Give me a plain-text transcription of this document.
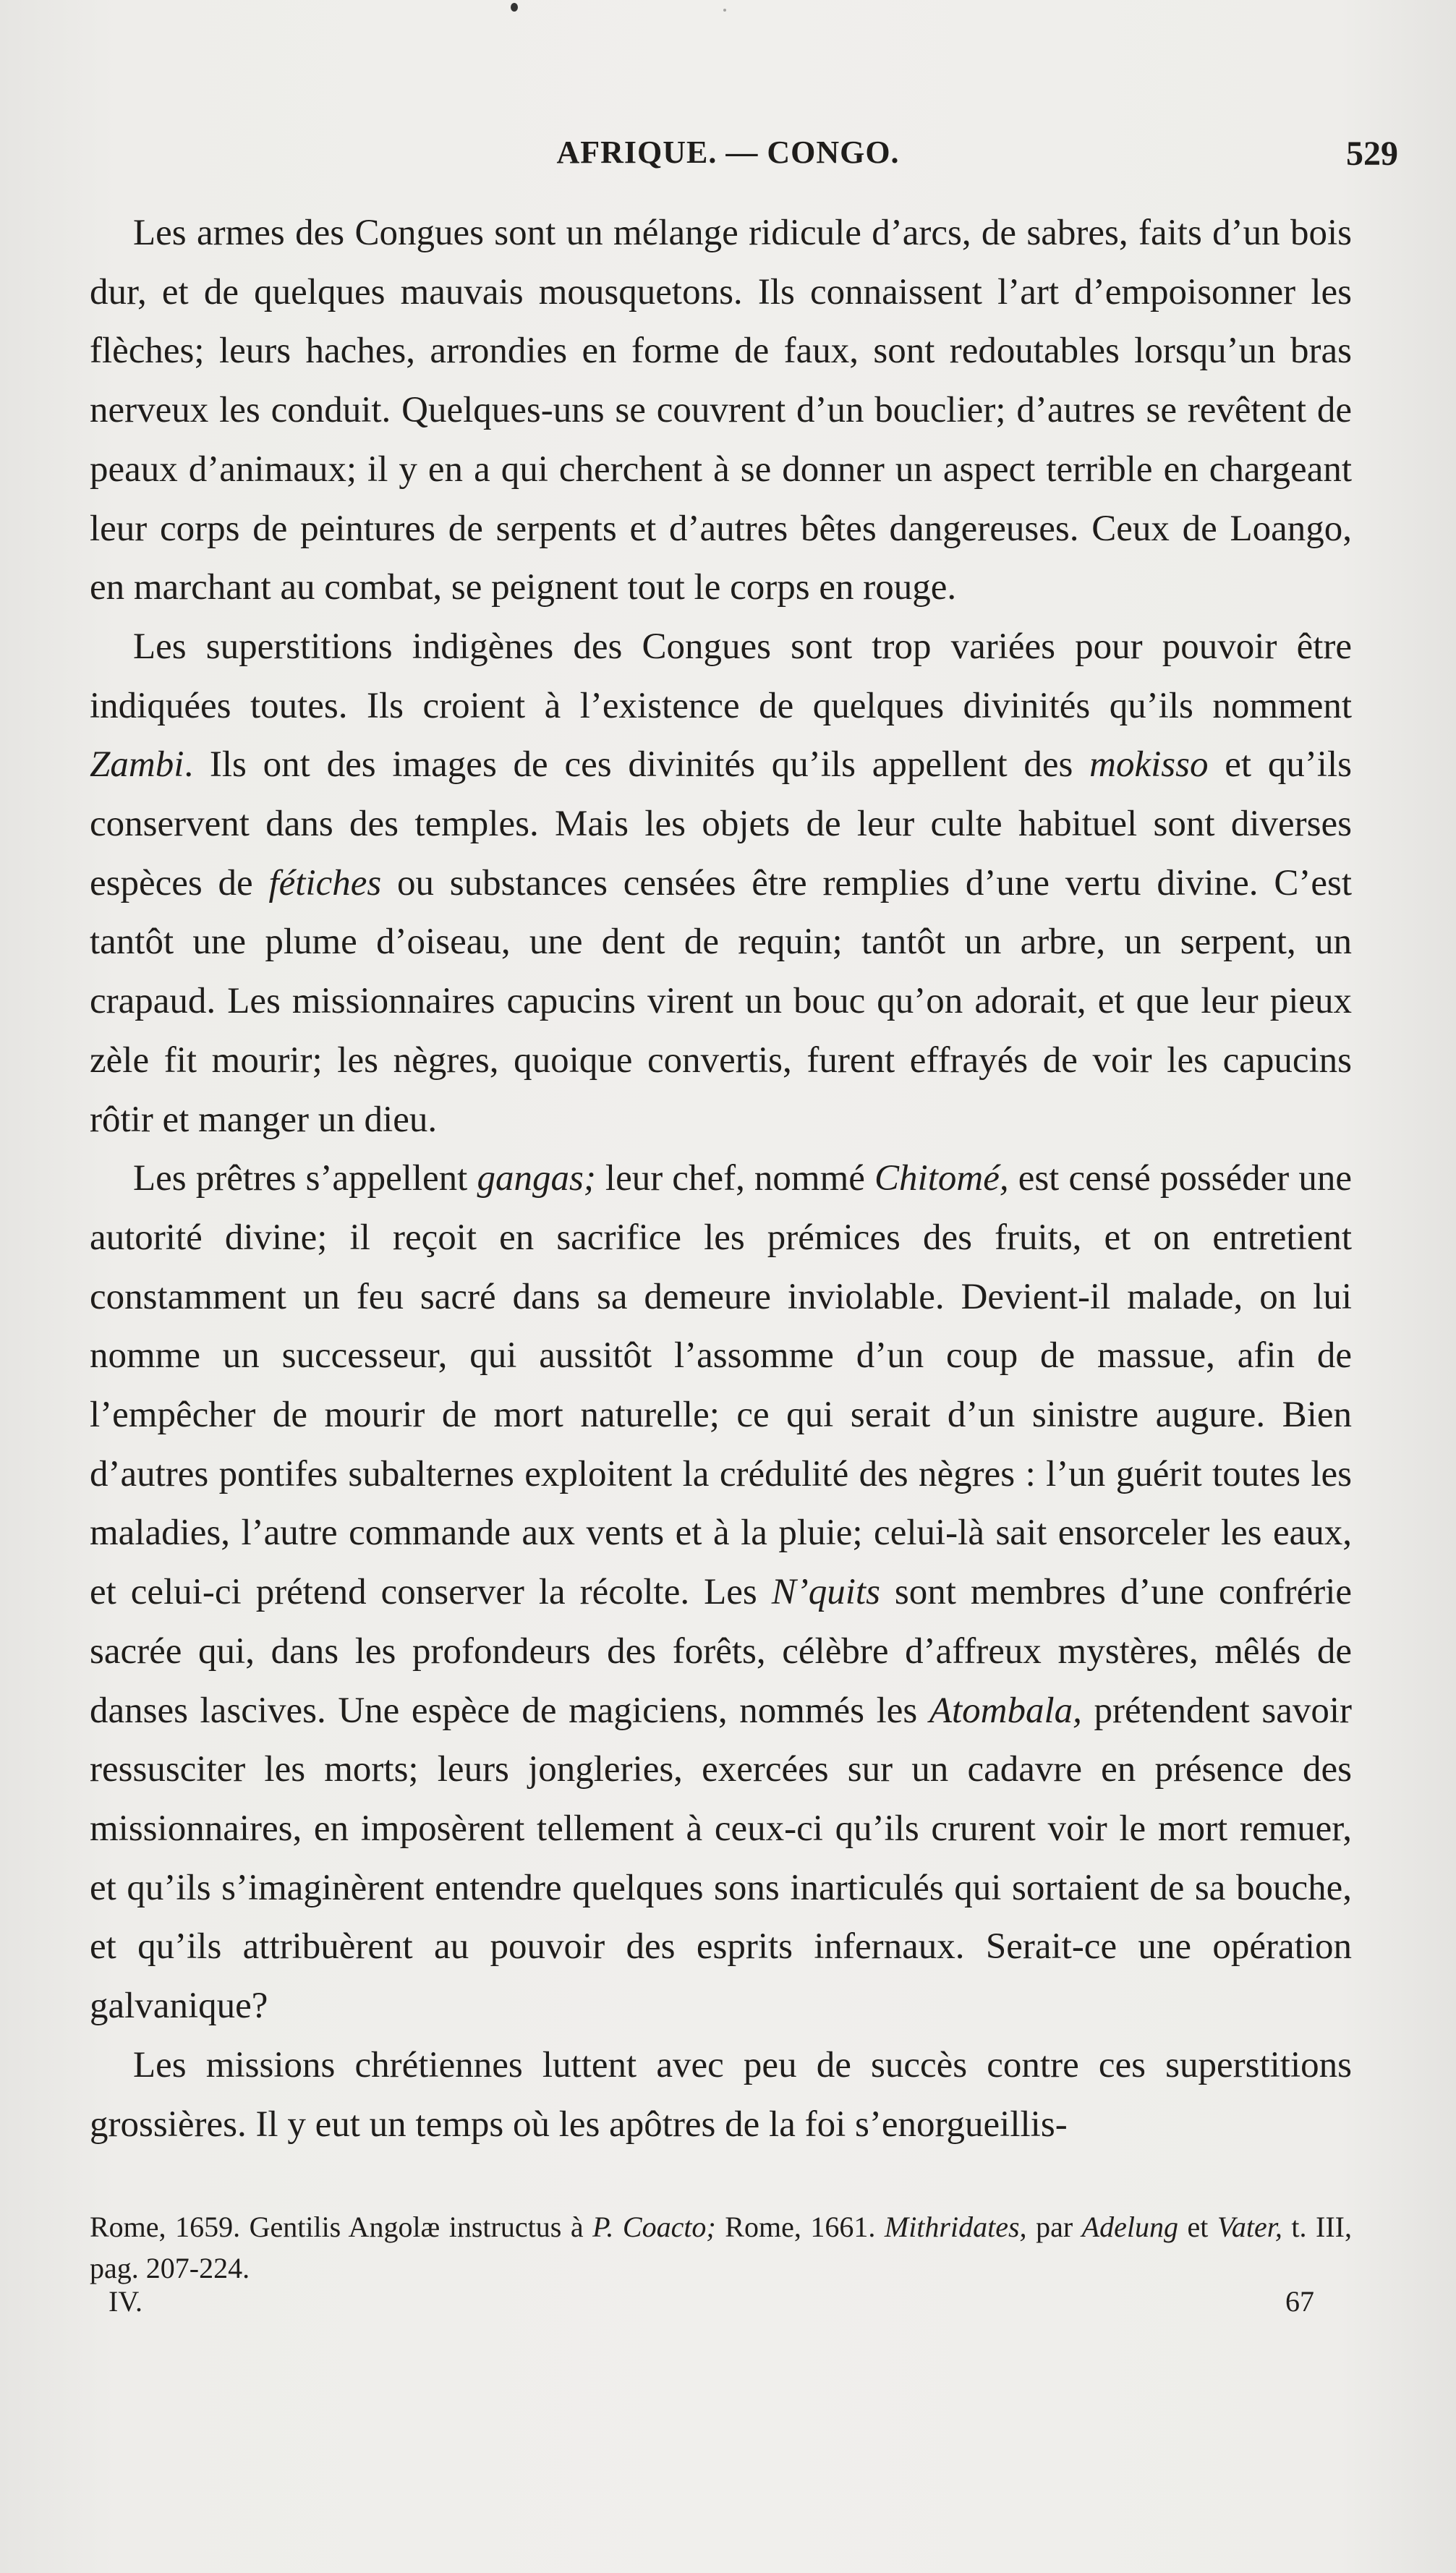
AFRIQUE. — CONGO.	529

Les armes des Congues sont un mélange ridicule d’arcs, de sabres, faits d’un bois dur, et de quelques mauvais mousquetons. Ils connaissent l’art d’empoisonner les flèches; leurs haches, arrondies en forme de faux, sont redoutables lorsqu’un bras nerveux les conduit. Quelques-uns se couvrent d’un bouclier; d’autres se revêtent de peaux d’animaux; il y en a qui cherchent à se donner un aspect terrible en chargeant leur corps de peintures de serpents et d’autres bêtes dangereuses. Ceux de Loango, en marchant au combat, se peignent tout le corps en rouge.

Les superstitions indigènes des Congues sont trop variées pour pouvoir être indiquées toutes. Ils croient à l’existence de quelques divinités qu’ils nomment Zambi. Ils ont des images de ces divinités qu’ils appellent des mokisso et qu’ils conservent dans des temples. Mais les objets de leur culte habituel sont diverses espèces de fétiches ou substances censées être remplies d’une vertu divine. C’est tantôt une plume d’oiseau, une dent de requin; tantôt un arbre, un serpent, un crapaud. Les missionnaires capucins virent un bouc qu’on adorait, et que leur pieux zèle fit mourir; les nègres, quoique convertis, furent effrayés de voir les capucins rôtir et manger un dieu.

Les prêtres s’appellent gangas; leur chef, nommé Chitomé, est censé posséder une autorité divine; il reçoit en sacrifice les prémices des fruits, et on entretient constamment un feu sacré dans sa demeure inviolable. Devient-il malade, on lui nomme un successeur, qui aussitôt l’assomme d’un coup de massue, afin de l’empêcher de mourir de mort naturelle; ce qui serait d’un sinistre augure. Bien d’autres pontifes subalternes exploitent la crédulité des nègres : l’un guérit toutes les maladies, l’autre commande aux vents et à la pluie; celui-là sait ensorceler les eaux, et celui-ci prétend conserver la récolte. Les N’quits sont membres d’une confrérie sacrée qui, dans les profondeurs des forêts, célèbre d’affreux mystères, mêlés de danses lascives. Une espèce de magiciens, nommés les Atombala, prétendent savoir ressusciter les morts; leurs jongleries, exercées sur un cadavre en présence des missionnaires, en imposèrent tellement à ceux-ci qu’ils crurent voir le mort remuer, et qu’ils s’imaginèrent entendre quelques sons inarticulés qui sortaient de sa bouche, et qu’ils attribuèrent au pouvoir des esprits infernaux. Serait-ce une opération galvanique?

Les missions chrétiennes luttent avec peu de succès contre ces superstitions grossières. Il y eut un temps où les apôtres de la foi s’enorgueillis-

Rome, 1659. Gentilis Angolæ instructus à P. Coacto; Rome, 1661. Mithridates, par Adelung et Vater, t. III, pag. 207-224.
IV.	67
